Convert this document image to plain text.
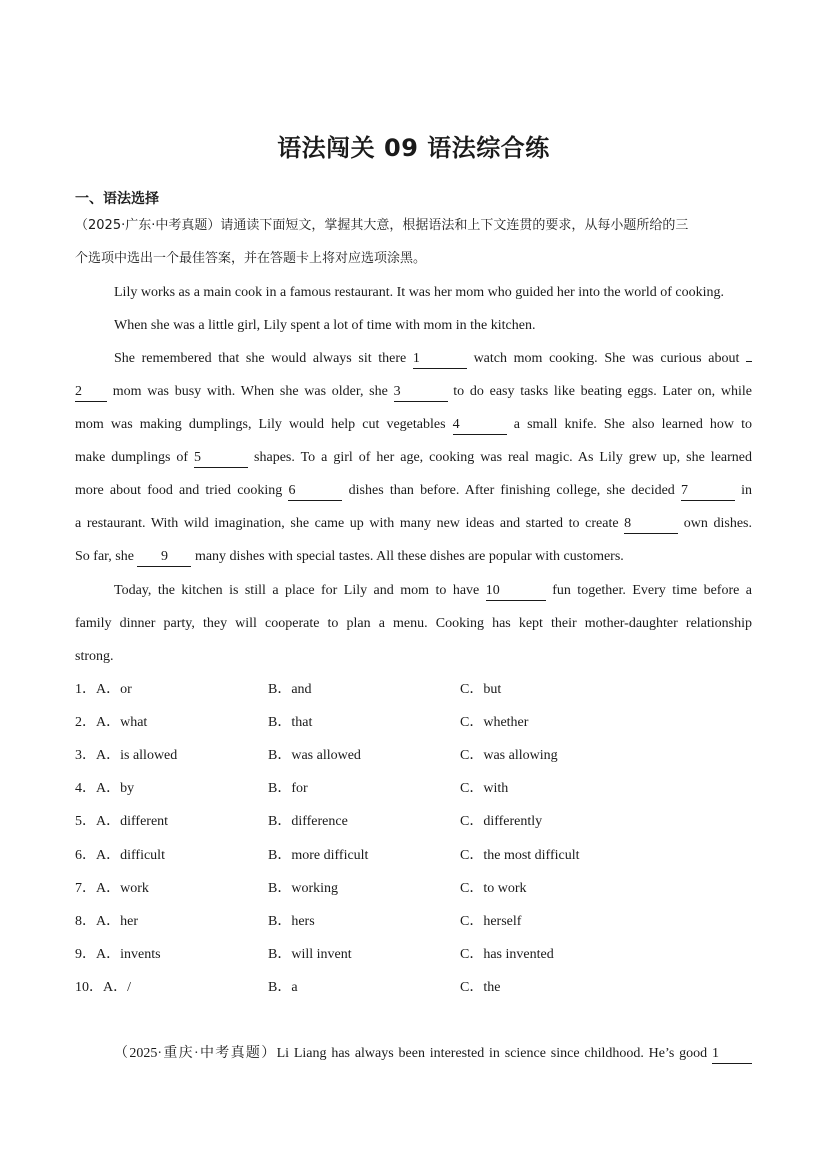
语法闯关 09 语法综合练
一、语法选择
（2025·广东·中考真题）请通读下面短文，掌握其大意，根据语法和上下文连贯的要求，从每小题所给的三
个选项中选出一个最佳答案，并在答题卡上将对应选项涂黑。
Lily works as a main cook in a famous restaurant. It was her mom who guided her into the world of cooking.
When she was a little girl, Lily spent a lot of time with mom in the kitchen.
She remembered that she would always sit there 1	watch mom cooking. She was curious about
2 mom was busy with. When she was older, she 3	to do easy tasks like beating eggs. Later on, while
mom was making dumplings, Lily would help cut vegetables 4	a small knife. She also learned how to
make dumplings of 5	shapes. To a girl of her age, cooking was real magic. As Lily grew up, she learned
more about food and tried cooking 6	dishes than before. After finishing college, she decided 7	in
a restaurant. With wild imagination, she came up with many new ideas and started to create 8	own dishes.
So far, she 9 many dishes with special tastes. All these dishes are popular with customers.
Today, the kitchen is still a place for Lily and mom to have 10	fun together. Every time before a
family dinner party, they will cooperate to plan a menu. Cooking has kept their mother-daughter relationship
strong.
1．A．or	B．and	C．but
2．A．what	B．that	C．whether
3．A．is allowed	B．was allowed	C．was allowing
4．A．by	B．for	C．with
5．A．different	B．difference	C．differently
6．A．difficult	B．more difficult	C．the most difficult
7．A．work	B．working	C．to work
8．A．her	B．hers	C．herself
9．A．invents	B．will invent	C．has invented
10．A．/	B．a	C．the
（2025·重庆·中考真题）Li Liang has always been interested in science since childhood. He’s good 1
